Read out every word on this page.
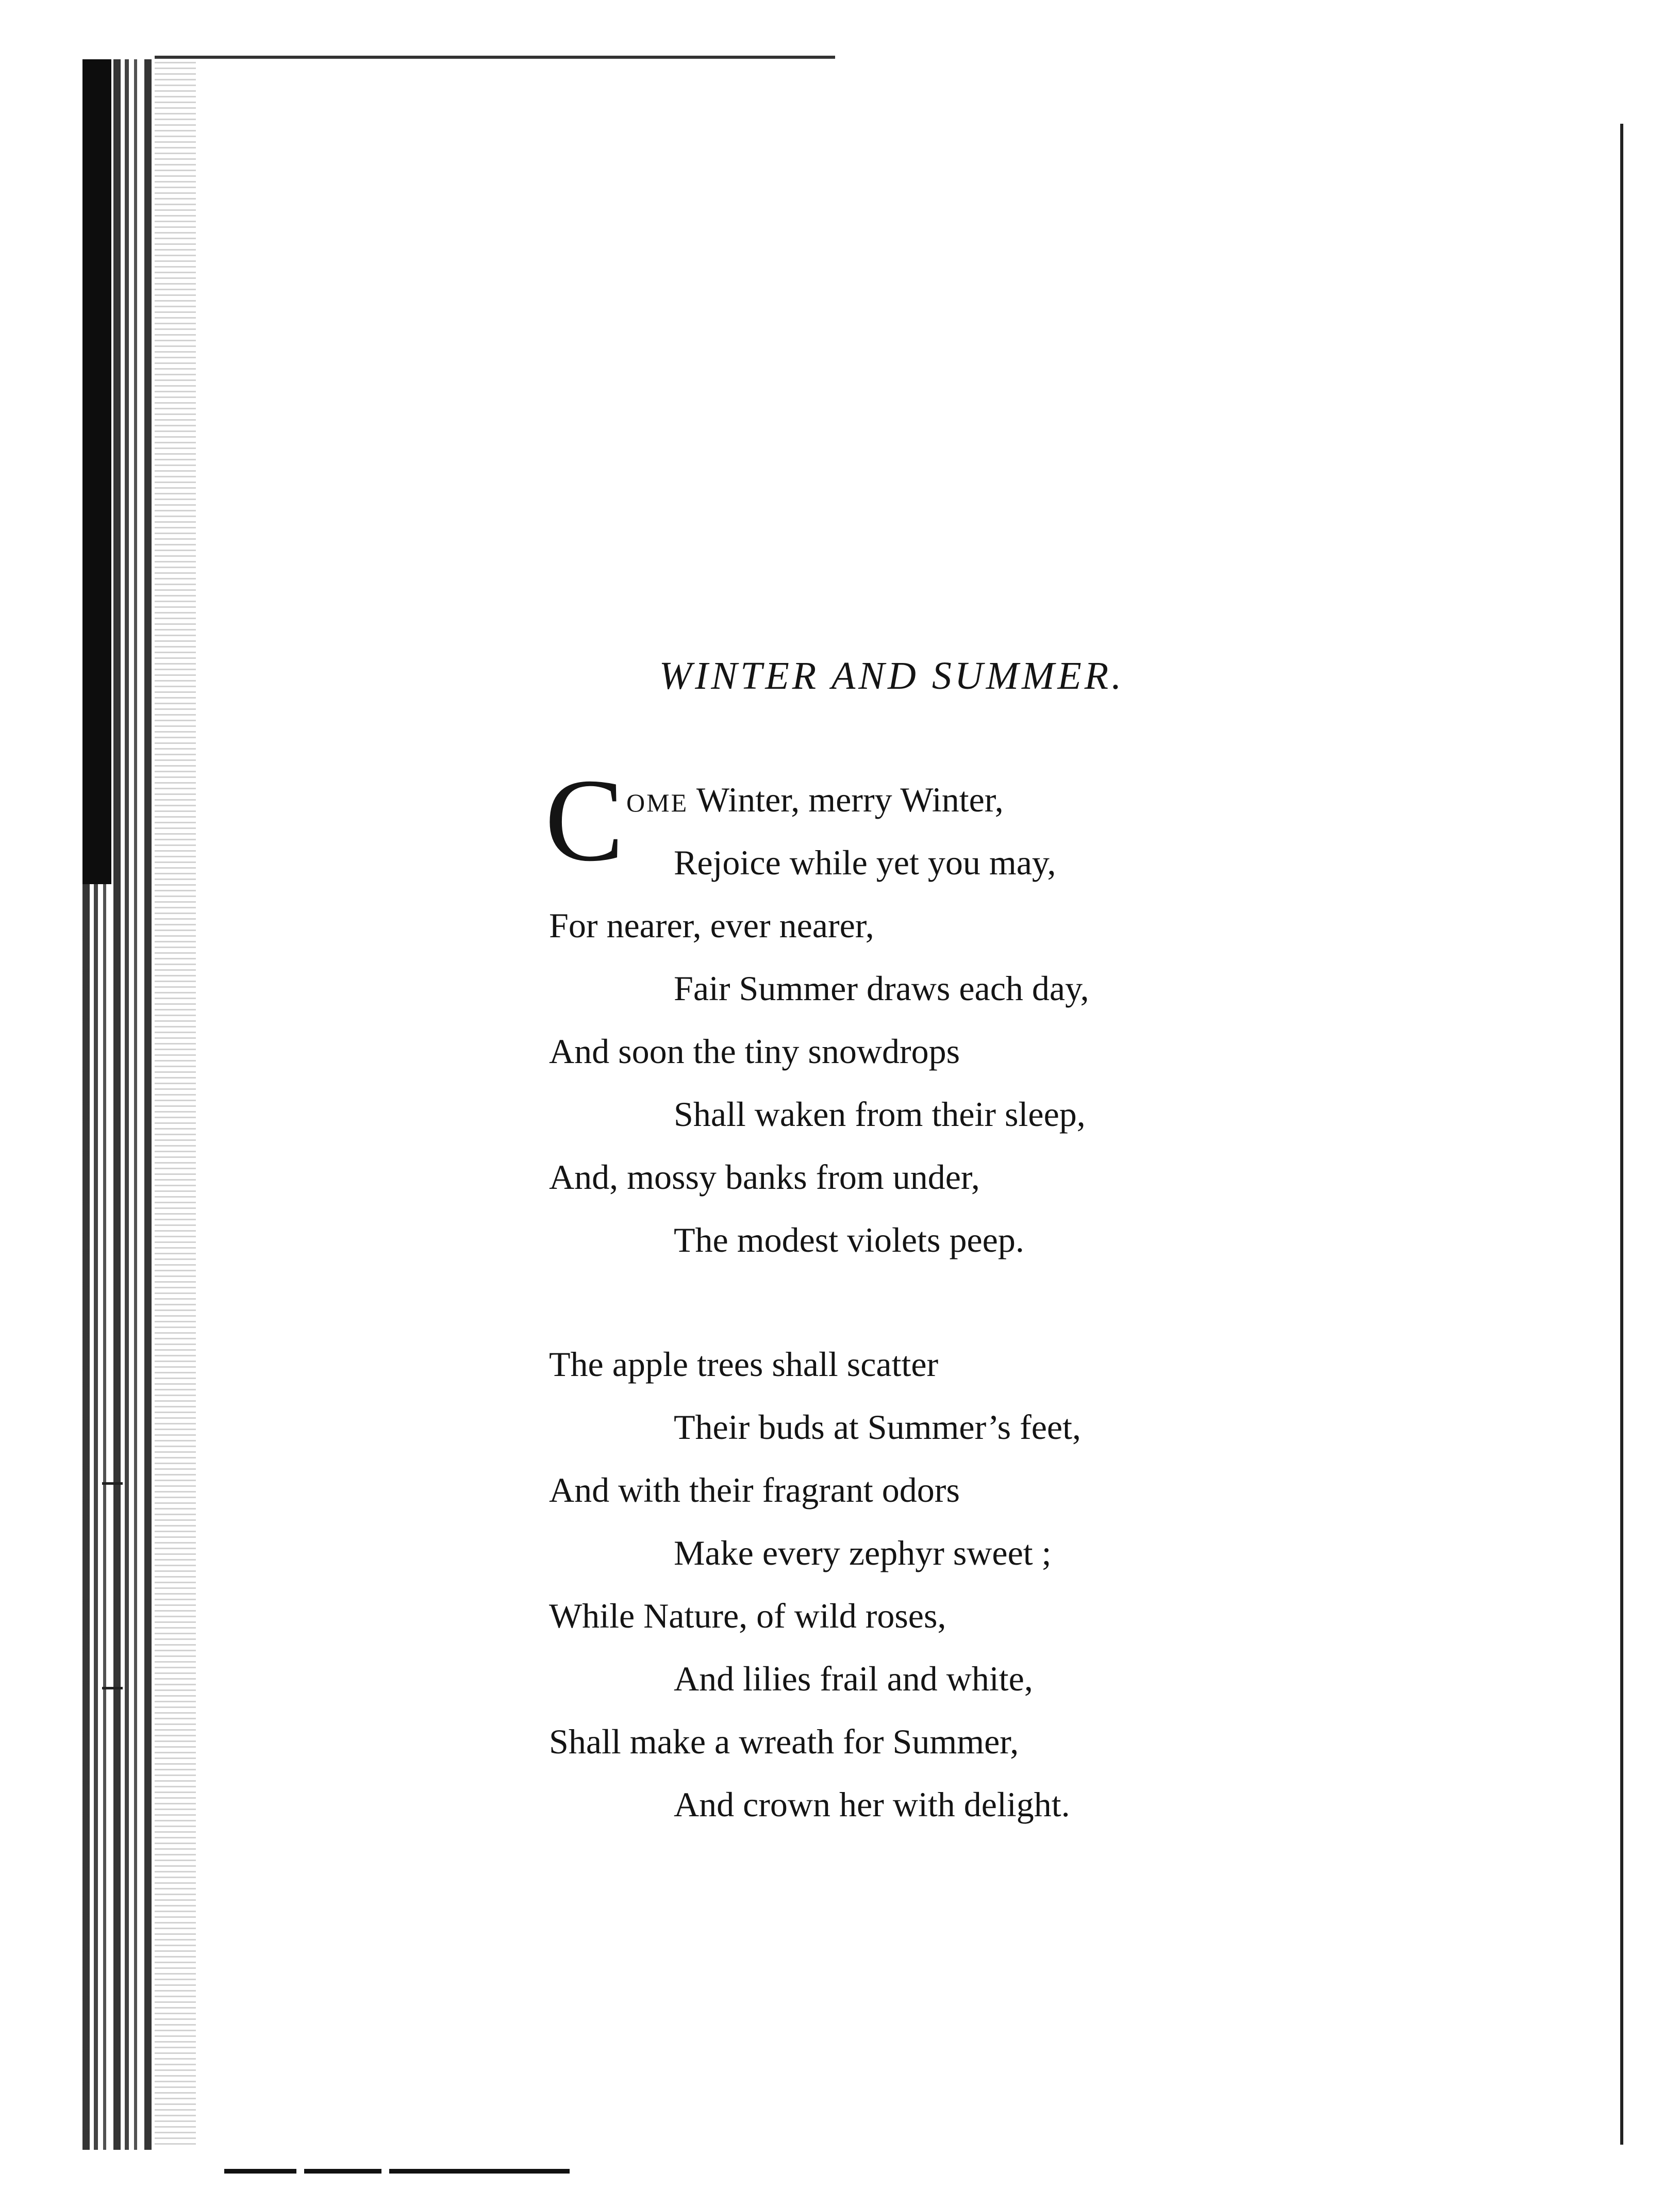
WINTER AND SUMMER.
C OME Winter, merry Winter,
Rejoice while yet you may,
For nearer, ever nearer,
Fair Summer draws each day,
And soon the tiny snowdrops
Shall waken from their sleep,
And, mossy banks from under,
The modest violets peep.
The apple trees shall scatter
Their buds at Summer’s feet,
And with their fragrant odors
Make every zephyr sweet ;
While Nature, of wild roses,
And lilies frail and white,
Shall make a wreath for Summer,
And crown her with delight.
